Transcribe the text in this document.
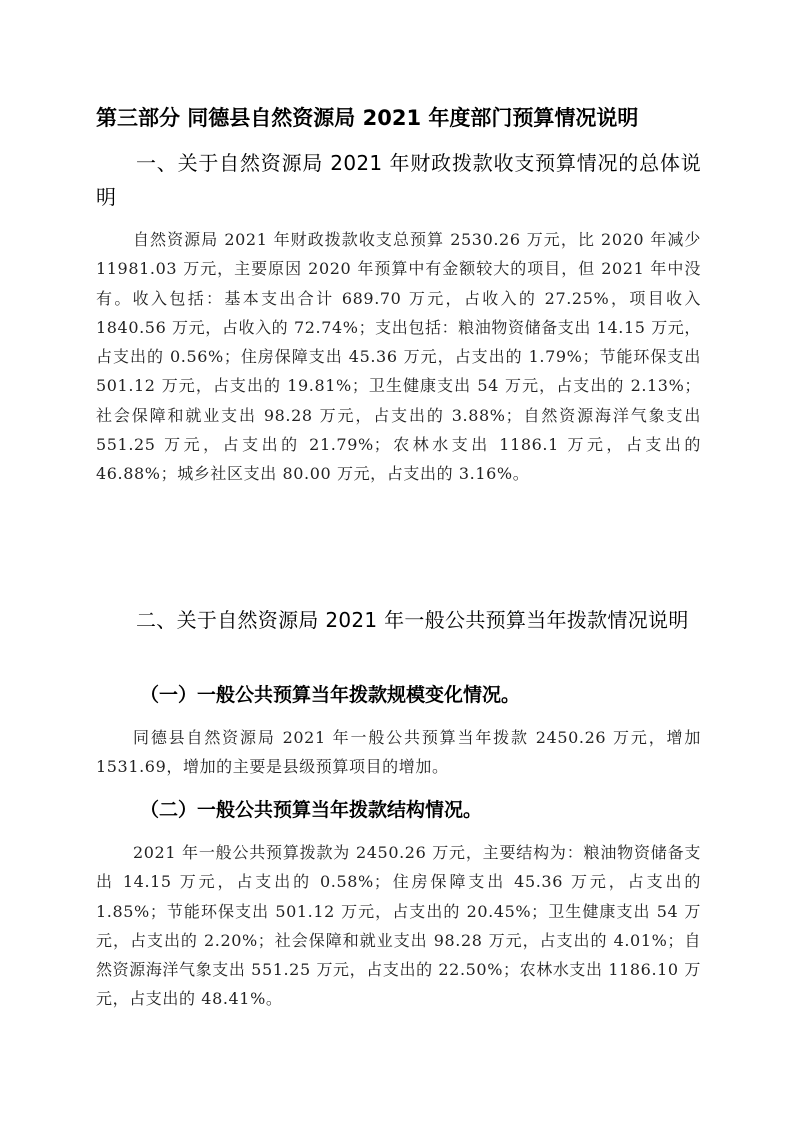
第三部分 同德县自然资源局 2021 年度部门预算情况说明
一、关于自然资源局 2021 年财政拨款收支预算情况的总体说明
自然资源局 2021 年财政拨款收支总预算 2530.26 万元，比 2020 年减少 11981.03 万元，主要原因 2020 年预算中有金额较大的项目，但 2021 年中没有。收入包括：基本支出合计 689.70 万元，占收入的 27.25%，项目收入 1840.56 万元，占收入的 72.74%；支出包括：粮油物资储备支出 14.15 万元，占支出的 0.56%；住房保障支出 45.36 万元，占支出的 1.79%；节能环保支出 501.12 万元，占支出的 19.81%；卫生健康支出 54 万元，占支出的 2.13%；社会保障和就业支出 98.28 万元，占支出的 3.88%；自然资源海洋气象支出 551.25 万元，占支出的 21.79%；农林水支出 1186.1 万元，占支出的 46.88%；城乡社区支出 80.00 万元，占支出的 3.16%。
二、关于自然资源局 2021 年一般公共预算当年拨款情况说明
（一）一般公共预算当年拨款规模变化情况。
同德县自然资源局 2021 年一般公共预算当年拨款 2450.26 万元，增加 1531.69，增加的主要是县级预算项目的增加。
（二）一般公共预算当年拨款结构情况。
2021 年一般公共预算拨款为 2450.26 万元，主要结构为：粮油物资储备支出 14.15 万元，占支出的 0.58%；住房保障支出 45.36 万元，占支出的 1.85%；节能环保支出 501.12 万元，占支出的 20.45%；卫生健康支出 54 万元，占支出的 2.20%；社会保障和就业支出 98.28 万元，占支出的 4.01%；自然资源海洋气象支出 551.25 万元，占支出的 22.50%；农林水支出 1186.10 万元，占支出的 48.41%。
